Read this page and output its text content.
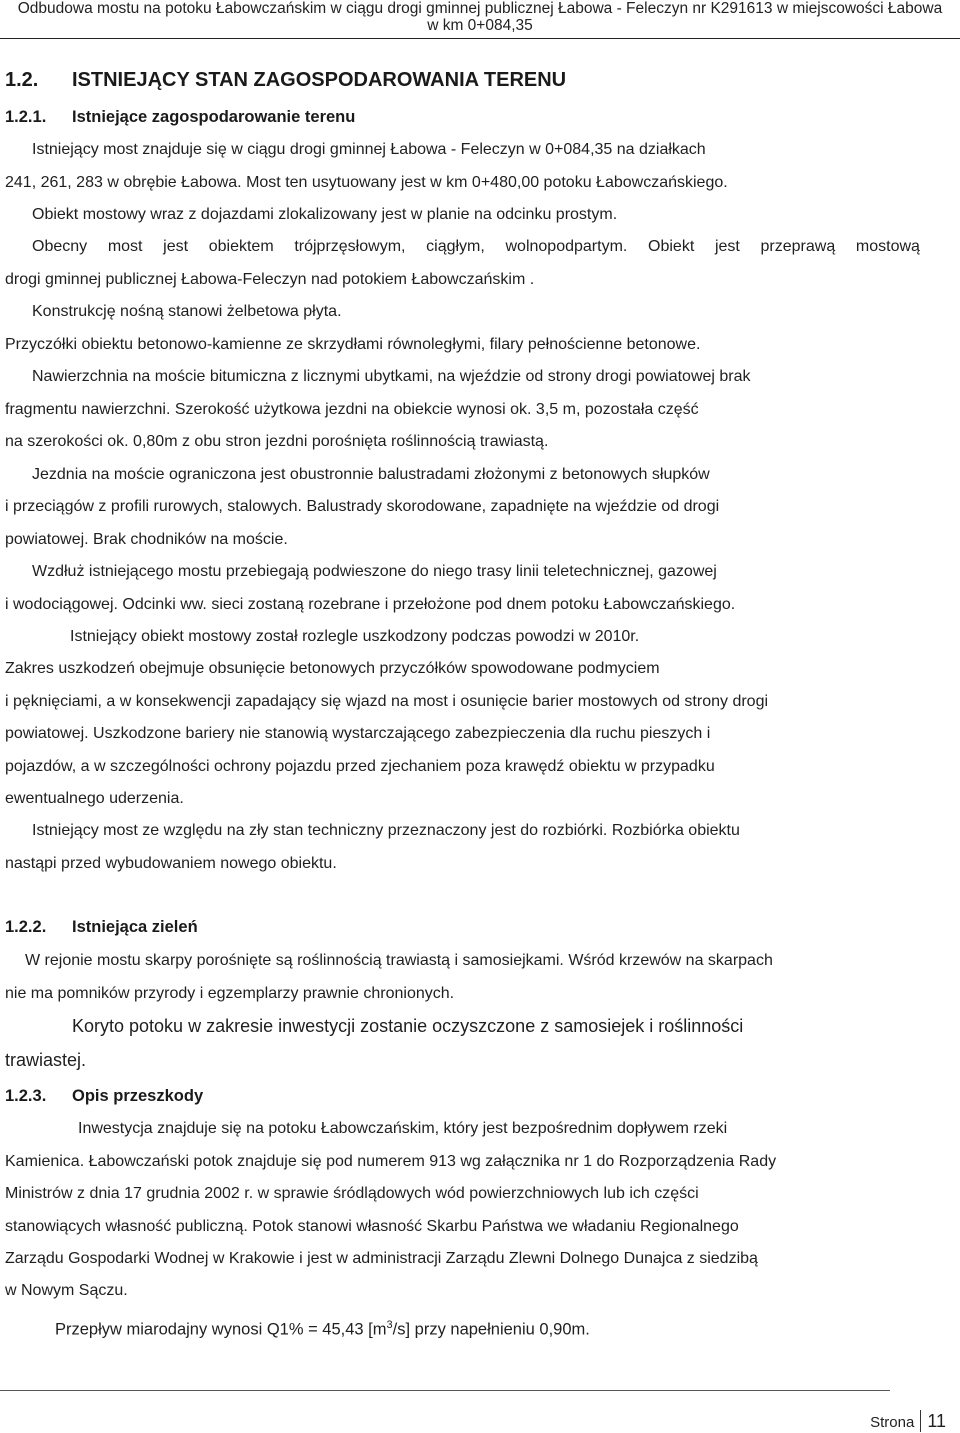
Odbudowa mostu na potoku Łabowczańskim w ciągu drogi gminnej publicznej Łabowa - Feleczyn nr K291613 w miejscowości Łabowa
w km 0+084,35
1.2. ISTNIEJĄCY STAN ZAGOSPODAROWANIA TERENU
1.2.1. Istniejące zagospodarowanie terenu
Istniejący most znajduje się w ciągu drogi gminnej Łabowa - Feleczyn w 0+084,35 na działkach
241, 261, 283 w obrębie Łabowa. Most ten usytuowany jest w km 0+480,00 potoku Łabowczańskiego.
Obiekt mostowy wraz z dojazdami zlokalizowany jest w planie na odcinku prostym.
Obecny most jest obiektem trójprzęsłowym, ciągłym, wolnopodpartym. Obiekt jest przeprawą mostową
drogi gminnej publicznej Łabowa-Feleczyn nad potokiem Łabowczańskim .
Konstrukcję nośną stanowi żelbetowa płyta.
Przyczółki obiektu betonowo-kamienne ze skrzydłami równoległymi, filary pełnościenne betonowe.
Nawierzchnia na moście bitumiczna z licznymi ubytkami, na wjeździe od strony drogi powiatowej brak
fragmentu nawierzchni. Szerokość użytkowa jezdni na obiekcie wynosi ok. 3,5 m, pozostała część
na szerokości ok. 0,80m z obu stron jezdni porośnięta roślinnością trawiastą.
Jezdnia na moście ograniczona jest obustronnie balustradami złożonymi z betonowych słupków
i przeciągów z profili rurowych, stalowych. Balustrady skorodowane, zapadnięte na wjeździe od drogi
powiatowej. Brak chodników na moście.
Wzdłuż istniejącego mostu przebiegają podwieszone do niego trasy linii teletechnicznej, gazowej
i wodociągowej. Odcinki ww. sieci zostaną rozebrane i przełożone pod dnem potoku Łabowczańskiego.
Istniejący obiekt mostowy został rozlegle uszkodzony podczas powodzi w 2010r.
Zakres uszkodzeń obejmuje obsunięcie betonowych przyczółków spowodowane podmyciem
i pęknięciami, a w konsekwencji zapadający się wjazd na most i osunięcie barier mostowych od strony drogi
powiatowej. Uszkodzone bariery nie stanowią wystarczającego zabezpieczenia dla ruchu pieszych i
pojazdów, a w szczególności ochrony pojazdu przed zjechaniem poza krawędź obiektu w przypadku
ewentualnego uderzenia.
Istniejący most ze względu na zły stan techniczny przeznaczony jest do rozbiórki. Rozbiórka obiektu
nastąpi przed wybudowaniem nowego obiektu.
1.2.2. Istniejąca zieleń
W rejonie mostu skarpy porośnięte są roślinnością trawiastą i samosiejkami. Wśród krzewów na skarpach
nie ma pomników przyrody i egzemplarzy prawnie chronionych.
Koryto potoku w zakresie inwestycji zostanie oczyszczone z samosiejek i roślinności
trawiastej.
1.2.3. Opis przeszkody
Inwestycja znajduje się na potoku Łabowczańskim, który jest bezpośrednim dopływem rzeki
Kamienica. Łabowczański potok znajduje się pod numerem 913 wg załącznika nr 1 do Rozporządzenia Rady
Ministrów z dnia 17 grudnia 2002 r. w sprawie śródlądowych wód powierzchniowych lub ich części
stanowiących własność publiczną. Potok stanowi własność Skarbu Państwa we władaniu Regionalnego
Zarządu Gospodarki Wodnej w Krakowie i jest w administracji Zarządu Zlewni Dolnego Dunajca z siedzibą
w Nowym Sączu.
Przepływ miarodajny wynosi Q1% = 45,43 $[m^3/s]$ przy napełnieniu 0,90m.
Strona 11
